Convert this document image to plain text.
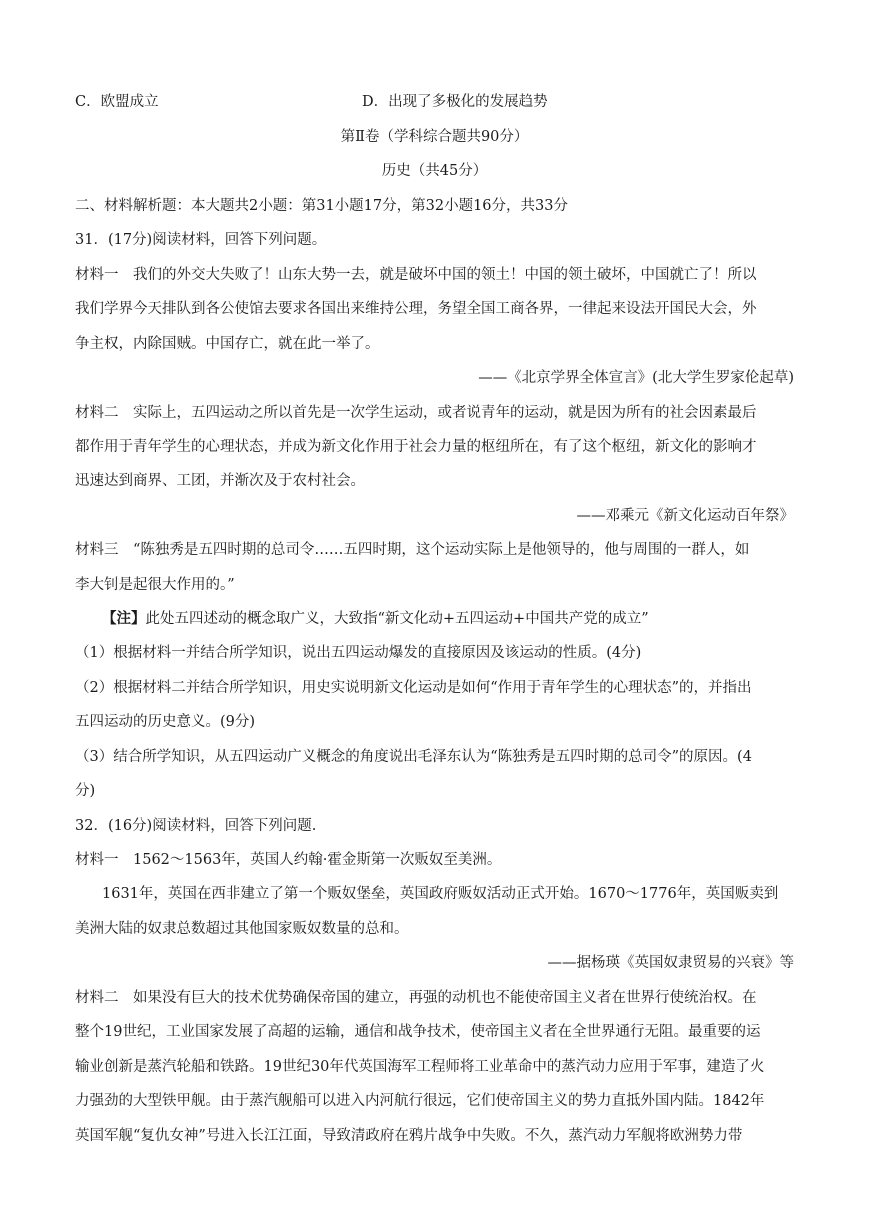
C．欧盟成立	D．出现了多极化的发展趋势
第Ⅱ卷（学科综合题共90分）
历史（共45分）
二、材料解析题：本大题共2小题：第31小题17分，第32小题16分，共33分
31．(17分)阅读材料，回答下列问题。
材料一　我们的外交大失败了！山东大势一去，就是破坏中国的领土！中国的领土破坏，中国就亡了！所以
我们学界今天排队到各公使馆去要求各国出来维持公理，务望全国工商各界，一律起来设法开国民大会，外
争主权，内除国贼。中国存亡，就在此一举了。
——《北京学界全体宣言》(北大学生罗家伦起草)
材料二　实际上，五四运动之所以首先是一次学生运动，或者说青年的运动，就是因为所有的社会因素最后
都作用于青年学生的心理状态，并成为新文化作用于社会力量的枢纽所在，有了这个枢纽，新文化的影响才
迅速达到商界、工团，并渐次及于农村社会。
——邓乘元《新文化运动百年祭》
材料三　“陈独秀是五四时期的总司令……五四时期，这个运动实际上是他领导的，他与周围的一群人，如
李大钊是起很大作用的。”
【注】此处五四述动的概念取广义，大致指“新文化动+五四运动+中国共产党的成立”
（1）根据材料一并结合所学知识，说出五四运动爆发的直接原因及该运动的性质。(4分)
（2）根据材料二并结合所学知识，用史实说明新文化运动是如何“作用于青年学生的心理状态”的，并指出
五四运动的历史意义。(9分)
（3）结合所学知识，从五四运动广义概念的角度说出毛泽东认为“陈独秀是五四时期的总司令”的原因。(4
分)
32．(16分)阅读材料，回答下列问题.
材料一　1562～1563年，英国人约翰·霍金斯第一次贩奴至美洲。
1631年，英国在西非建立了第一个贩奴堡垒，英国政府贩奴活动正式开始。1670～1776年，英国贩卖到
美洲大陆的奴隶总数超过其他国家贩奴数量的总和。
——据杨瑛《英国奴隶贸易的兴衰》等
材料二　如果没有巨大的技术优势确保帝国的建立，再强的动机也不能使帝国主义者在世界行使统治权。在
整个19世纪，工业国家发展了高超的运输，通信和战争技术，使帝国主义者在全世界通行无阻。最重要的运
输业创新是蒸汽轮船和铁路。19世纪30年代英国海军工程师将工业革命中的蒸汽动力应用于军事，建造了火
力强劲的大型铁甲舰。由于蒸汽舰船可以进入内河航行很远，它们使帝国主义的势力直抵外国内陆。1842年
英国军舰“复仇女神”号进入长江江面，导致清政府在鸦片战争中失败。不久，蒸汽动力军舰将欧洲势力带
